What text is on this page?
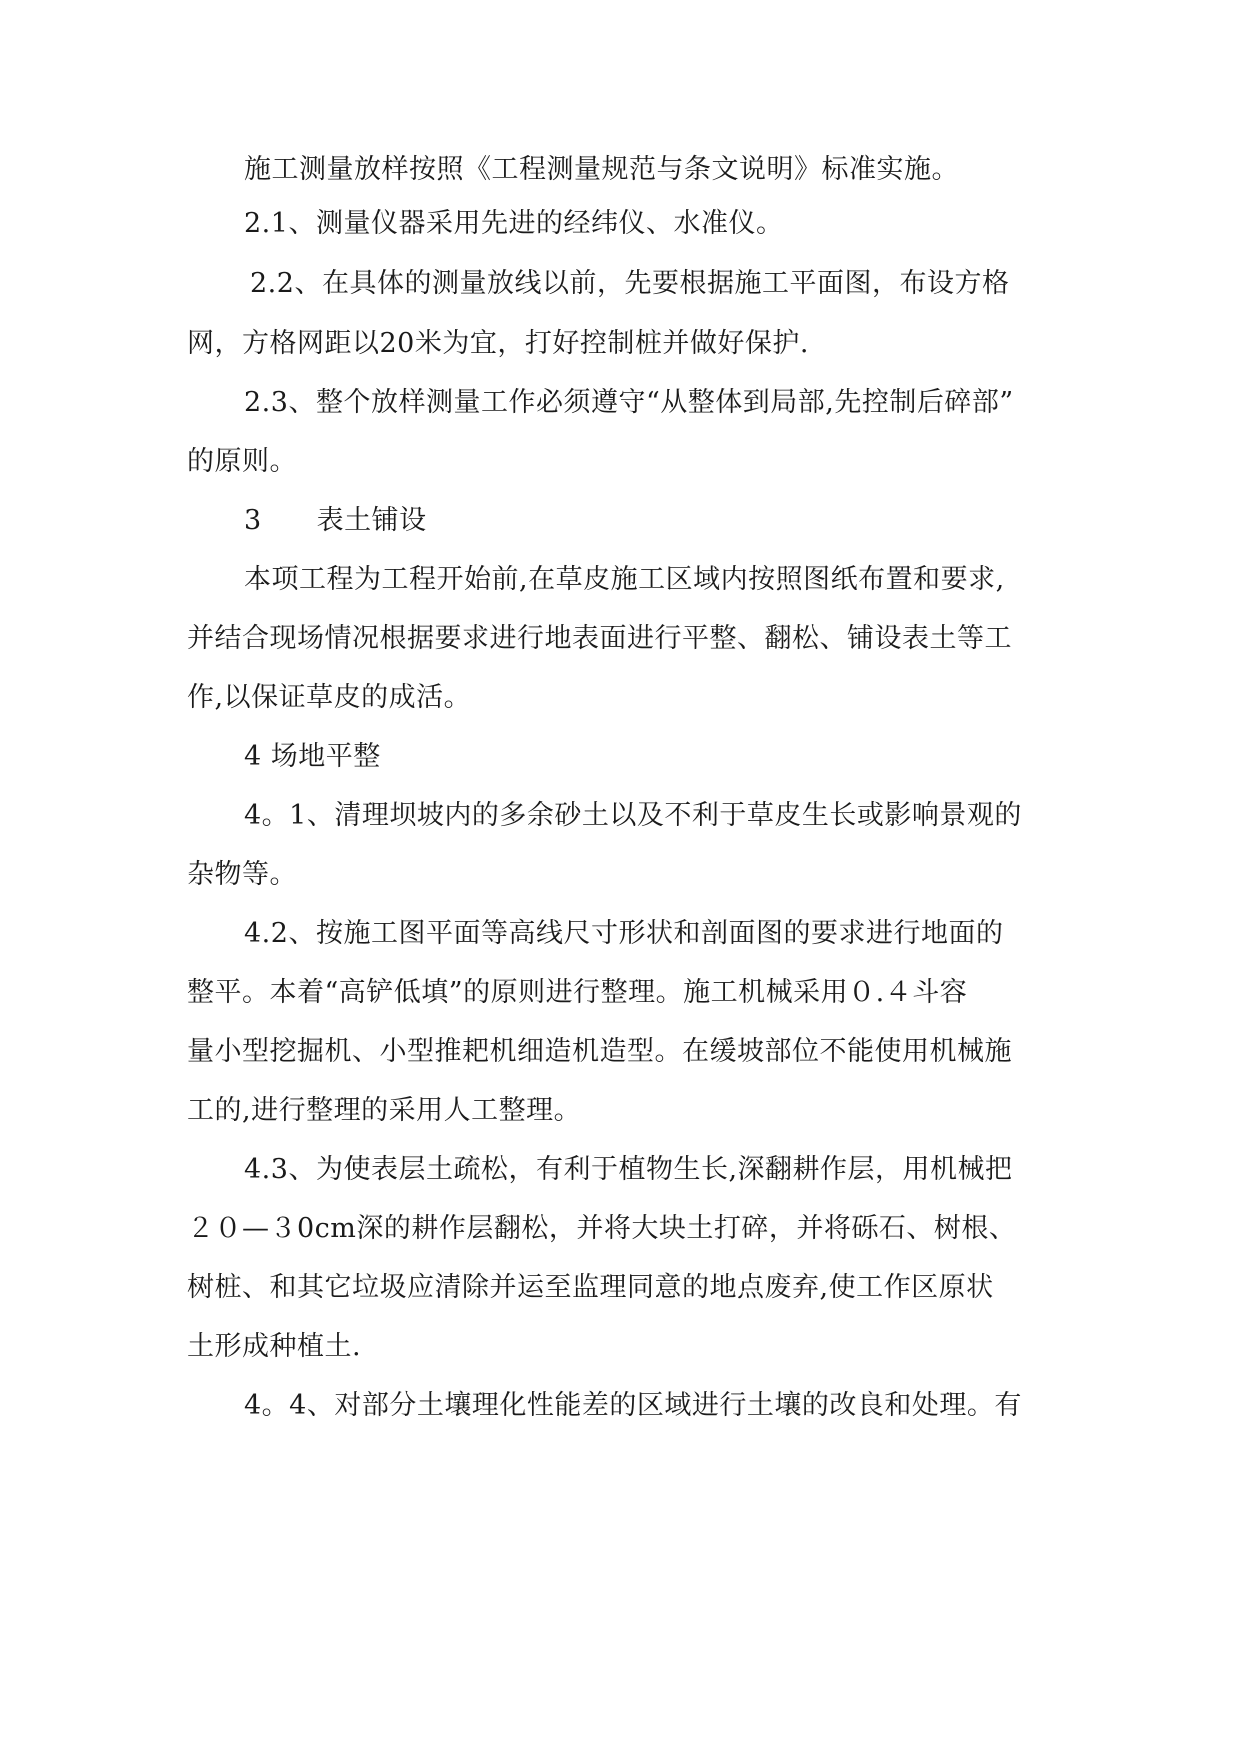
施工测量放样按照《工程测量规范与条文说明》标准实施。
2.1、测量仪器采用先进的经纬仪、水准仪。
2.2、在具体的测量放线以前，先要根据施工平面图，布设方格
网，方格网距以20米为宜，打好控制桩并做好保护.
2.3、整个放样测量工作必须遵守“从整体到局部,先控制后碎部”
的原则。
3　　表土铺设
本项工程为工程开始前,在草皮施工区域内按照图纸布置和要求,
并结合现场情况根据要求进行地表面进行平整、翻松、铺设表土等工
作,以保证草皮的成活。
4 场地平整
4。1、清理坝坡内的多余砂土以及不利于草皮生长或影响景观的
杂物等。
4.2、按施工图平面等高线尺寸形状和剖面图的要求进行地面的
整平。本着“高铲低填”的原则进行整理。施工机械采用０.４斗容
量小型挖掘机、小型推耙机细造机造型。在缓坡部位不能使用机械施
工的,进行整理的采用人工整理。
4.3、为使表层土疏松，有利于植物生长,深翻耕作层，用机械把
２０—３0cm深的耕作层翻松，并将大块土打碎，并将砾石、树根、
树桩、和其它垃圾应清除并运至监理同意的地点废弃,使工作区原状
土形成种植土.
4。4、对部分土壤理化性能差的区域进行土壤的改良和处理。有
